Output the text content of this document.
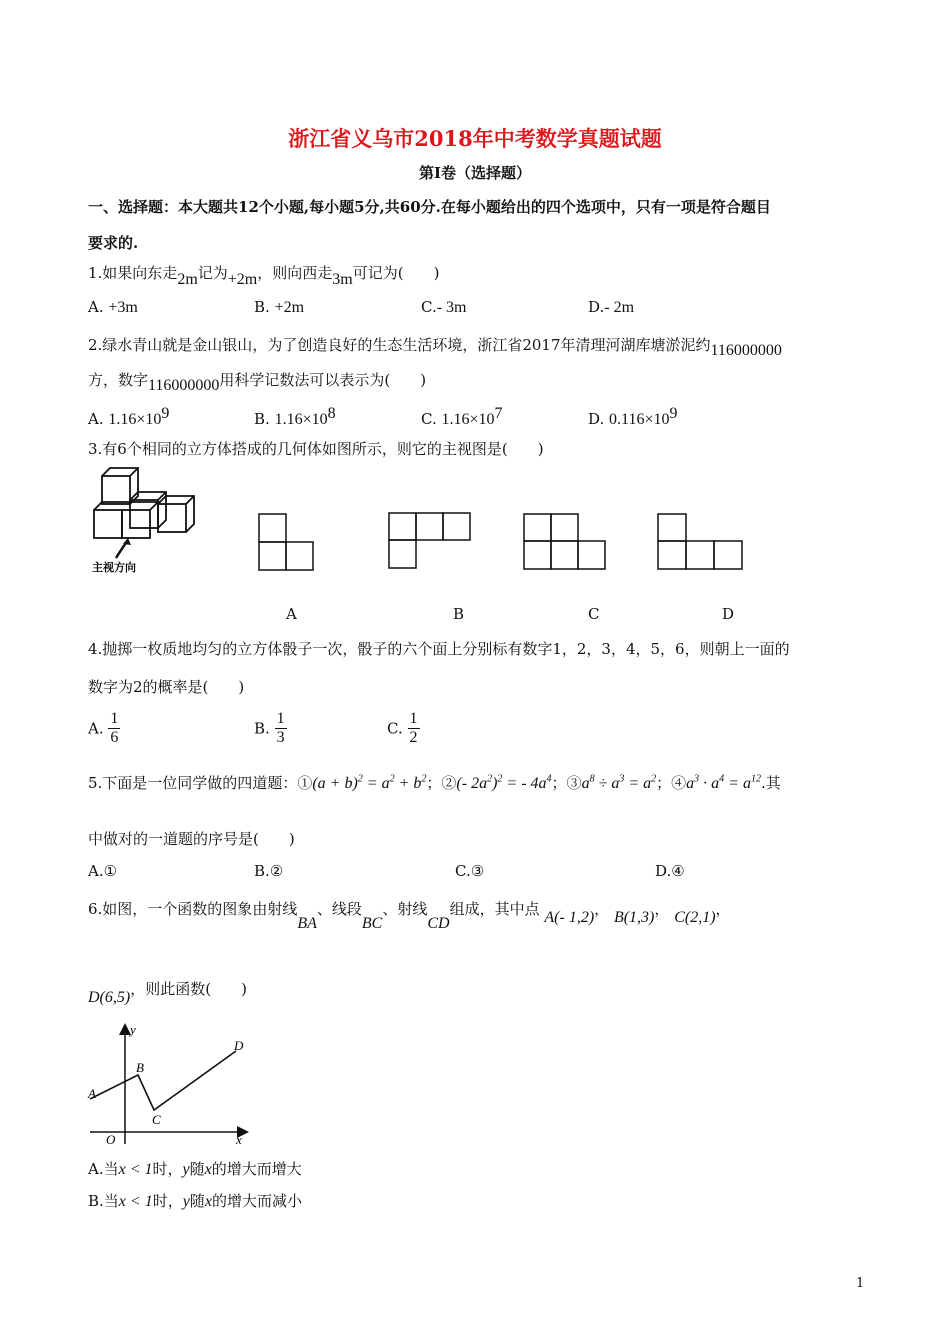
浙江省义乌市2018年中考数学真题试题
第Ⅰ卷（选择题）
一、选择题：本大题共12个小题,每小题5分,共60分.在每小题给出的四个选项中，只有一项是符合题目
要求的.
1.如果向东走2m记为+2m，则向西走3m可记为(　　)
A. +3m	B. +2m	C.- 3m	D.- 2m
2.绿水青山就是金山银山，为了创造良好的生态生活环境，浙江省2017年清理河湖库塘淤泥约116000000
方，数字116000000用科学记数法可以表示为(　　)
A. $1.16\times 10^9$	B. $1.16\times 10^8$	C. $1.16\times 10^7$	D. $0.116\times 10^9$
3.有6个相同的立方体搭成的几何体如图所示，则它的主视图是(　　)
主视方向
A	B	C	D
4.抛掷一枚质地均匀的立方体骰子一次，骰子的六个面上分别标有数字1，2，3，4，5，6，则朝上一面的
数字为2的概率是(　　)
A. $\frac{1}{6}$	B. $\frac{1}{3}$	C. $\frac{1}{2}$
5.下面是一位同学做的四道题：①(a + $b)^2 = a^2 + b^2$；②(- $2a^2)^2$ = - $4a^4$；$③a^8 \div a^3 = a^2$；$④a^3 \cdot a^4 = a^{12}$.其
中做对的一道题的序号是(　　)
A.①	B.②	C.③	D.④
6.如图，一个函数的图象由射线BA、线段BC、射线CD组成，其中点 A(- 1,2)， B(1,3)， C(2,1)，
D(6,5)，则此函数(　　)
y
x
O
A
B
C
D
A.当x < 1时，y随x的增大而增大
B.当x < 1时，y随x的增大而减小
1
